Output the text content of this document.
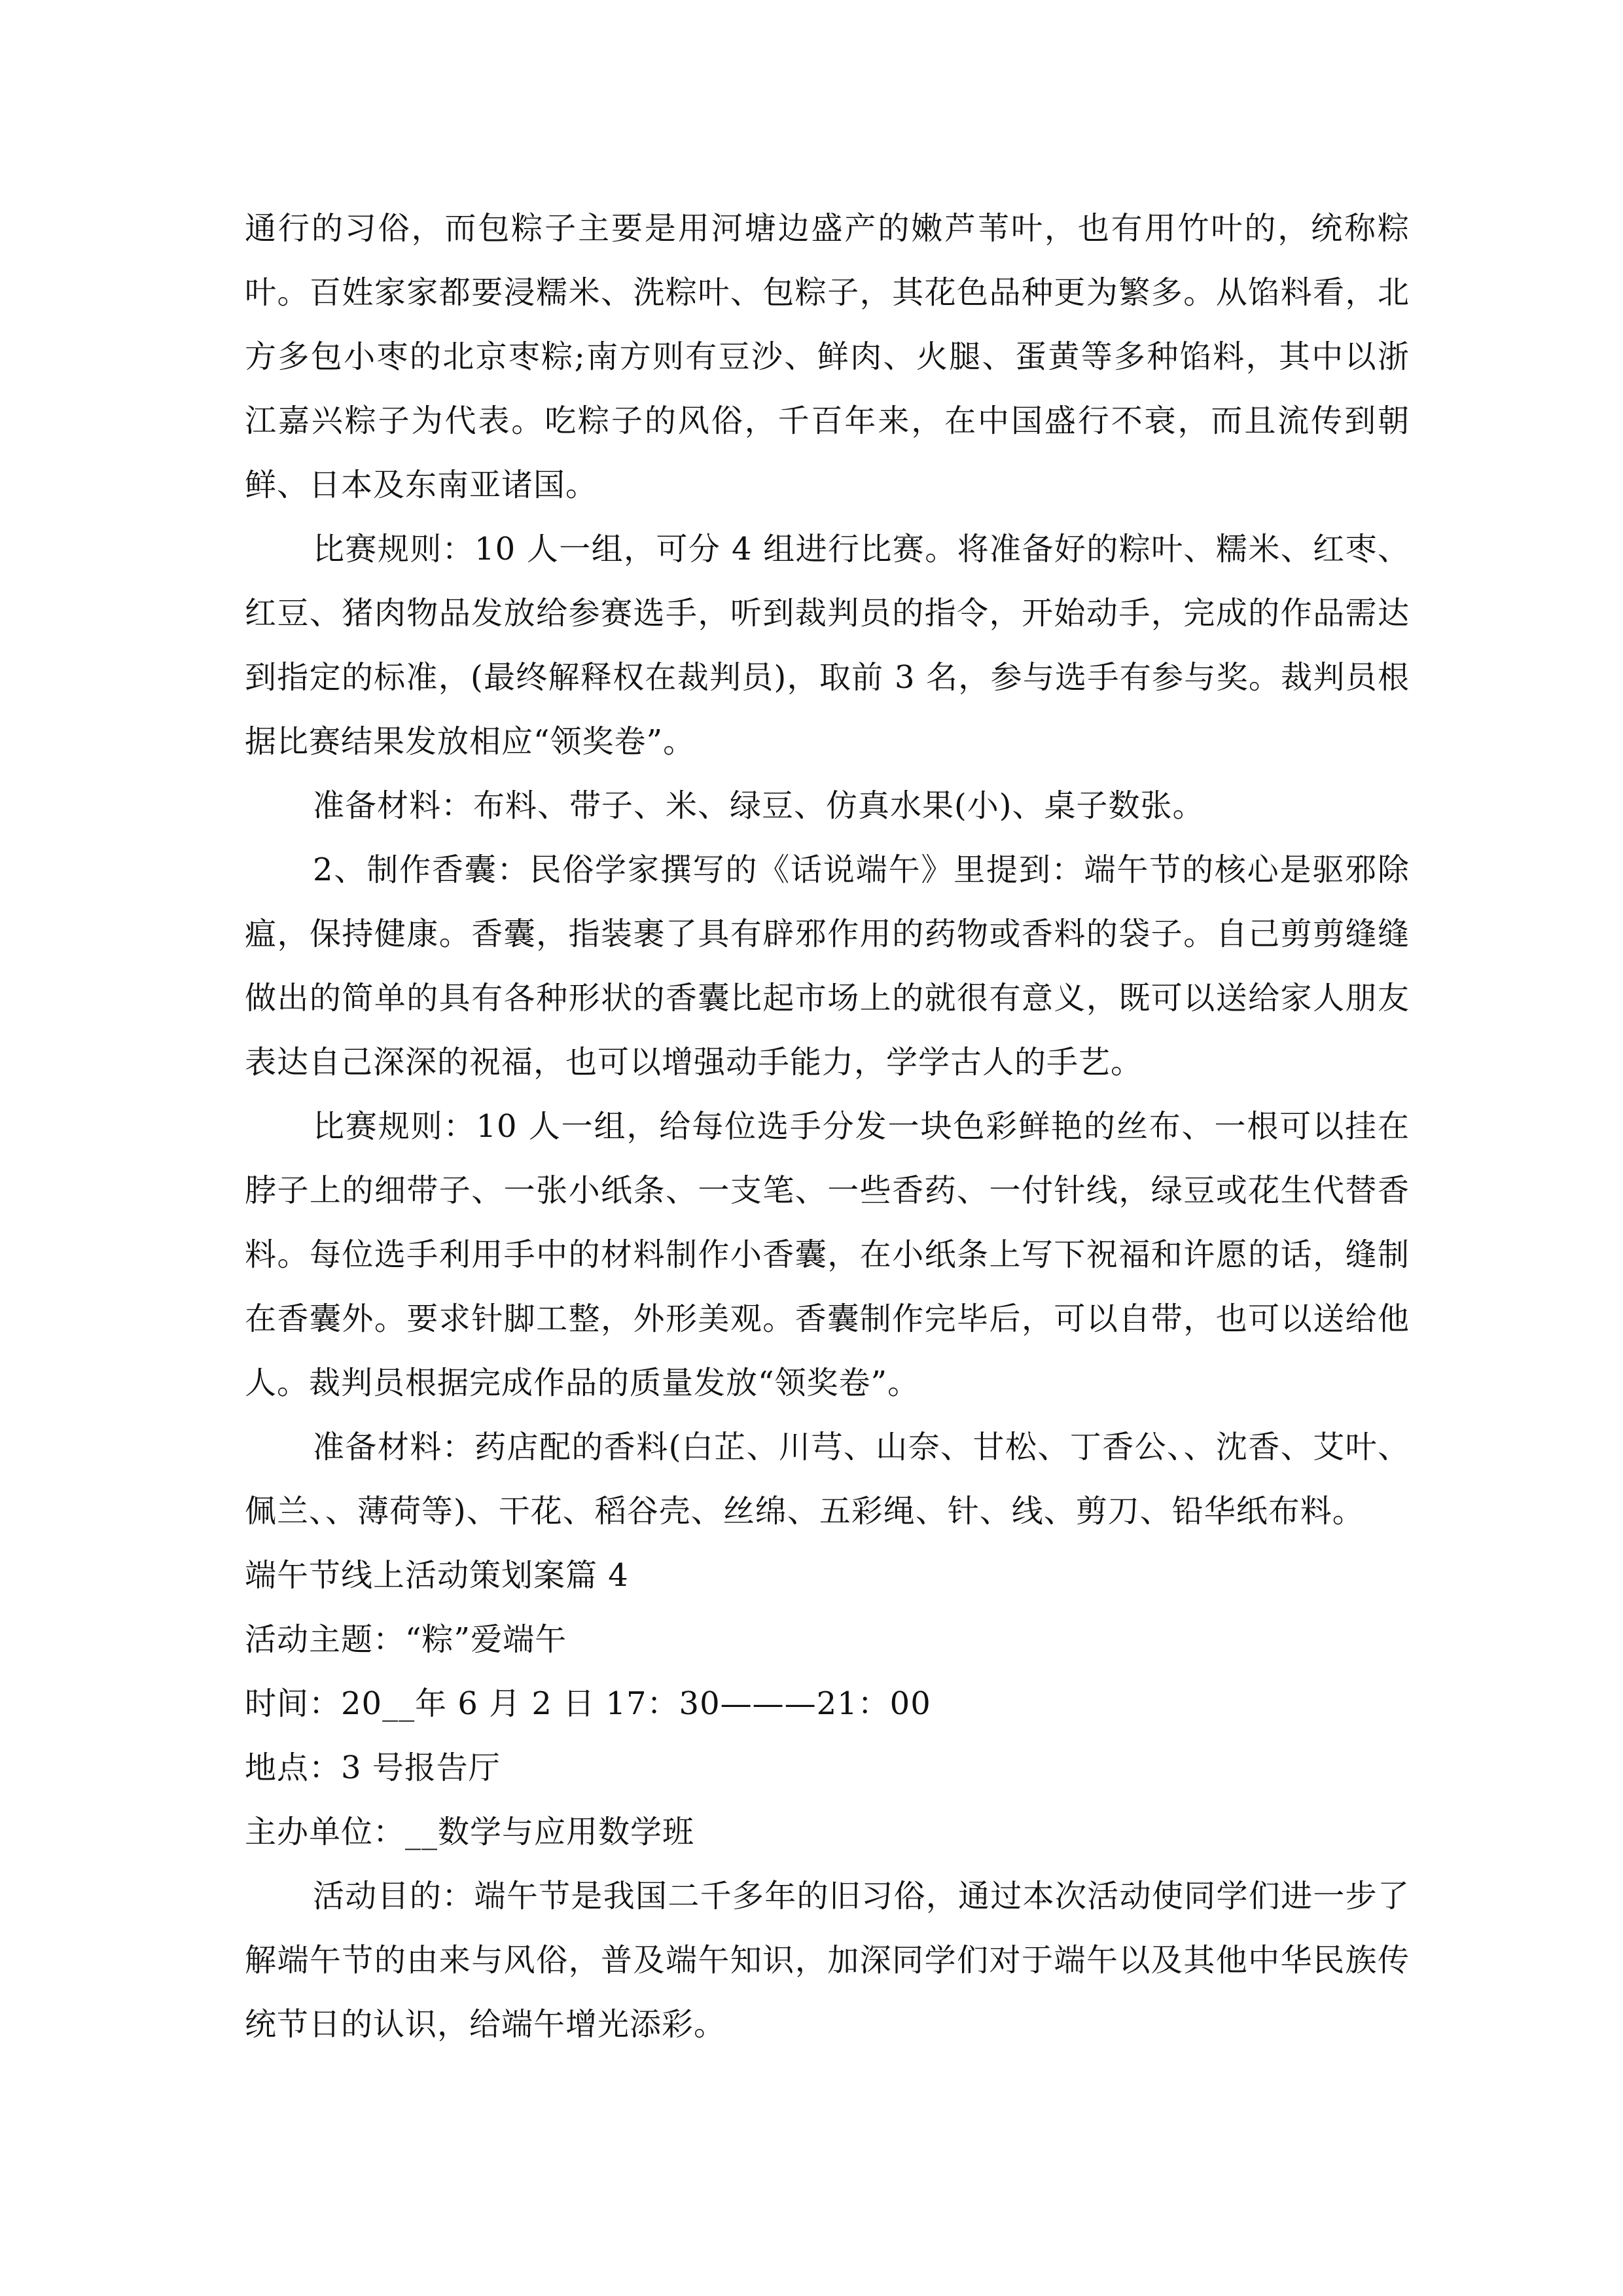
通行的习俗，而包粽子主要是用河塘边盛产的嫩芦苇叶，也有用竹叶的，统称粽叶。百姓家家都要浸糯米、洗粽叶、包粽子，其花色品种更为繁多。从馅料看，北方多包小枣的北京枣粽;南方则有豆沙、鲜肉、火腿、蛋黄等多种馅料，其中以浙江嘉兴粽子为代表。吃粽子的风俗，千百年来，在中国盛行不衰，而且流传到朝鲜、日本及东南亚诸国。

比赛规则：10 人一组，可分 4 组进行比赛。将准备好的粽叶、糯米、红枣、红豆、猪肉物品发放给参赛选手，听到裁判员的指令，开始动手，完成的作品需达到指定的标准，(最终解释权在裁判员)，取前 3 名，参与选手有参与奖。裁判员根据比赛结果发放相应“领奖卷”。

准备材料：布料、带子、米、绿豆、仿真水果(小)、桌子数张。

2、制作香囊：民俗学家撰写的《话说端午》里提到：端午节的核心是驱邪除瘟，保持健康。香囊，指装裹了具有辟邪作用的药物或香料的袋子。自己剪剪缝缝做出的简单的具有各种形状的香囊比起市场上的就很有意义，既可以送给家人朋友表达自己深深的祝福，也可以增强动手能力，学学古人的手艺。

比赛规则：10 人一组，给每位选手分发一块色彩鲜艳的丝布、一根可以挂在脖子上的细带子、一张小纸条、一支笔、一些香药、一付针线，绿豆或花生代替香料。每位选手利用手中的材料制作小香囊，在小纸条上写下祝福和许愿的话，缝制在香囊外。要求针脚工整，外形美观。香囊制作完毕后，可以自带，也可以送给他人。裁判员根据完成作品的质量发放“领奖卷”。

准备材料：药店配的香料(白芷、川芎、山奈、甘松、丁香公、、沈香、艾叶、佩兰、、薄荷等)、干花、稻谷壳、丝绵、五彩绳、针、线、剪刀、铅华纸布料。

端午节线上活动策划案篇 4

活动主题：“粽”爱端午

时间：20__年 6 月 2 日 17：30———21：00

地点：3 号报告厅

主办单位：__数学与应用数学班

活动目的：端午节是我国二千多年的旧习俗，通过本次活动使同学们进一步了解端午节的由来与风俗，普及端午知识，加深同学们对于端午以及其他中华民族传统节日的认识，给端午增光添彩。
